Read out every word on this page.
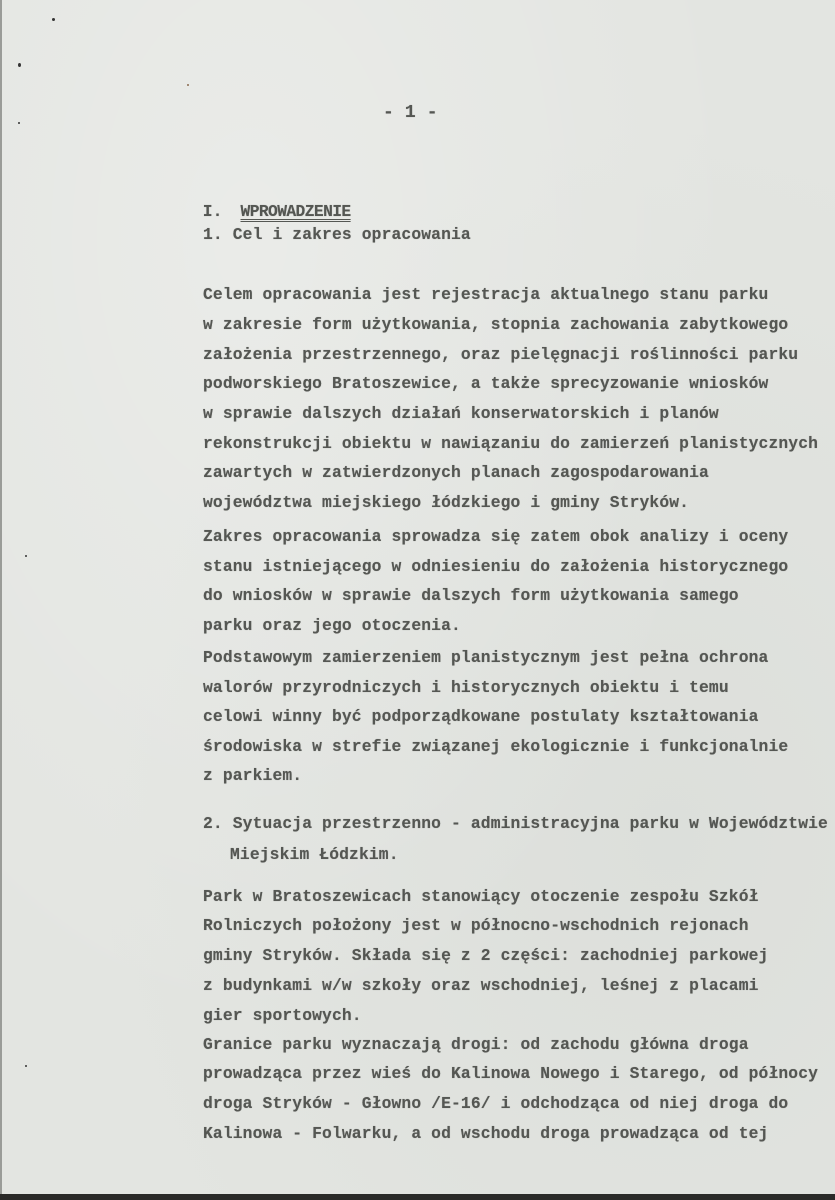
- 1 -

I. WPROWADZENIE

1. Cel i zakres opracowania
Celem opracowania jest rejestracja aktualnego stanu parku
w zakresie form użytkowania, stopnia zachowania zabytkowego
założenia przestrzennego, oraz pielęgnacji roślinności parku
podworskiego Bratoszewice, a także sprecyzowanie wniosków
w sprawie dalszych działań konserwatorskich i planów
rekonstrukcji obiektu w nawiązaniu do zamierzeń planistycznych
zawartych w zatwierdzonych planach zagospodarowania
województwa miejskiego łódzkiego i gminy Stryków.
Zakres opracowania sprowadza się zatem obok analizy i oceny
stanu istniejącego w odniesieniu do założenia historycznego
do wniosków w sprawie dalszych form użytkowania samego
parku oraz jego otoczenia.
Podstawowym zamierzeniem planistycznym jest pełna ochrona
walorów przyrodniczych i historycznych obiektu i temu
celowi winny być podporządkowane postulaty kształtowania
środowiska w strefie związanej ekologicznie i funkcjonalnie
z parkiem.
2. Sytuacja przestrzenno - administracyjna parku w Województwie
Miejskim Łódzkim.
Park w Bratoszewicach stanowiący otoczenie zespołu Szkół
Rolniczych położony jest w północno-wschodnich rejonach
gminy Stryków. Składa się z 2 części: zachodniej parkowej
z budynkami w/w szkoły oraz wschodniej, leśnej z placami
gier sportowych.
Granice parku wyznaczają drogi: od zachodu główna droga
prowadząca przez wieś do Kalinowa Nowego i Starego, od północy
droga Stryków - Głowno /E-16/ i odchodząca od niej droga do
Kalinowa - Folwarku, a od wschodu droga prowadząca od tej
